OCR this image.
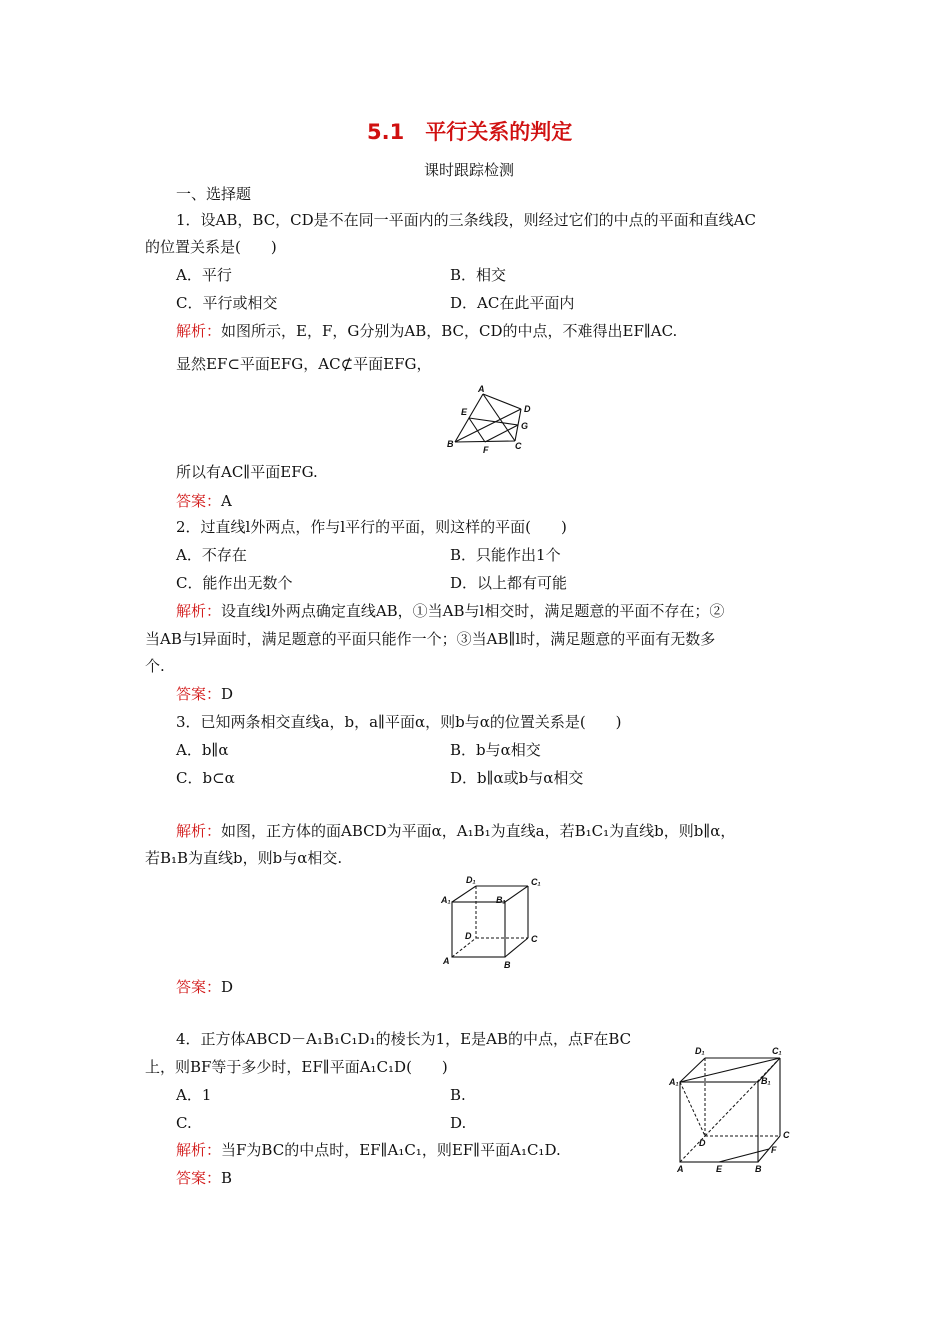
5.1　平行关系的判定
课时跟踪检测
一、选择题
1．设AB，BC，CD是不在同一平面内的三条线段，则经过它们的中点的平面和直线AC
的位置关系是(　　)
A．平行	B．相交
C．平行或相交	D．AC在此平面内
解析：如图所示，E，F，G分别为AB，BC，CD的中点，不难得出EF∥AC.
显然EF⊂平面EFG，AC⊄平面EFG，
A
E	D
G
B
F	C
所以有AC∥平面EFG.
答案：A
2．过直线l外两点，作与l平行的平面，则这样的平面(　　)
A．不存在	B．只能作出1个
C．能作出无数个	D．以上都有可能
解析：设直线l外两点确定直线AB，①当AB与l相交时，满足题意的平面不存在；②
当AB与l异面时，满足题意的平面只能作一个；③当AB∥l时，满足题意的平面有无数多
个.
答案：D
3．已知两条相交直线a，b，a∥平面α，则b与α的位置关系是(　　)
A．b∥α	B．b与α相交
C．b⊂α	D．b∥α或b与α相交
解析：如图，正方体的面ABCD为平面α，A₁B₁为直线a，若B₁C₁为直线b，则b∥α，
若B₁B为直线b，则b与α相交.
D₁	C₁
A₁	B₁
D	C
A	B
答案：D
4．正方体ABCD－A₁B₁C₁D₁的棱长为1，E是AB的中点，点F在BC
上，则BF等于多少时，EF∥平面A₁C₁D(　　)
A．1	B.
C.	D.
解析：当F为BC的中点时，EF∥A₁C₁，则EF∥平面A₁C₁D.
答案：B
D₁	C₁
A₁	B₁
D
C
F
A	E	B
